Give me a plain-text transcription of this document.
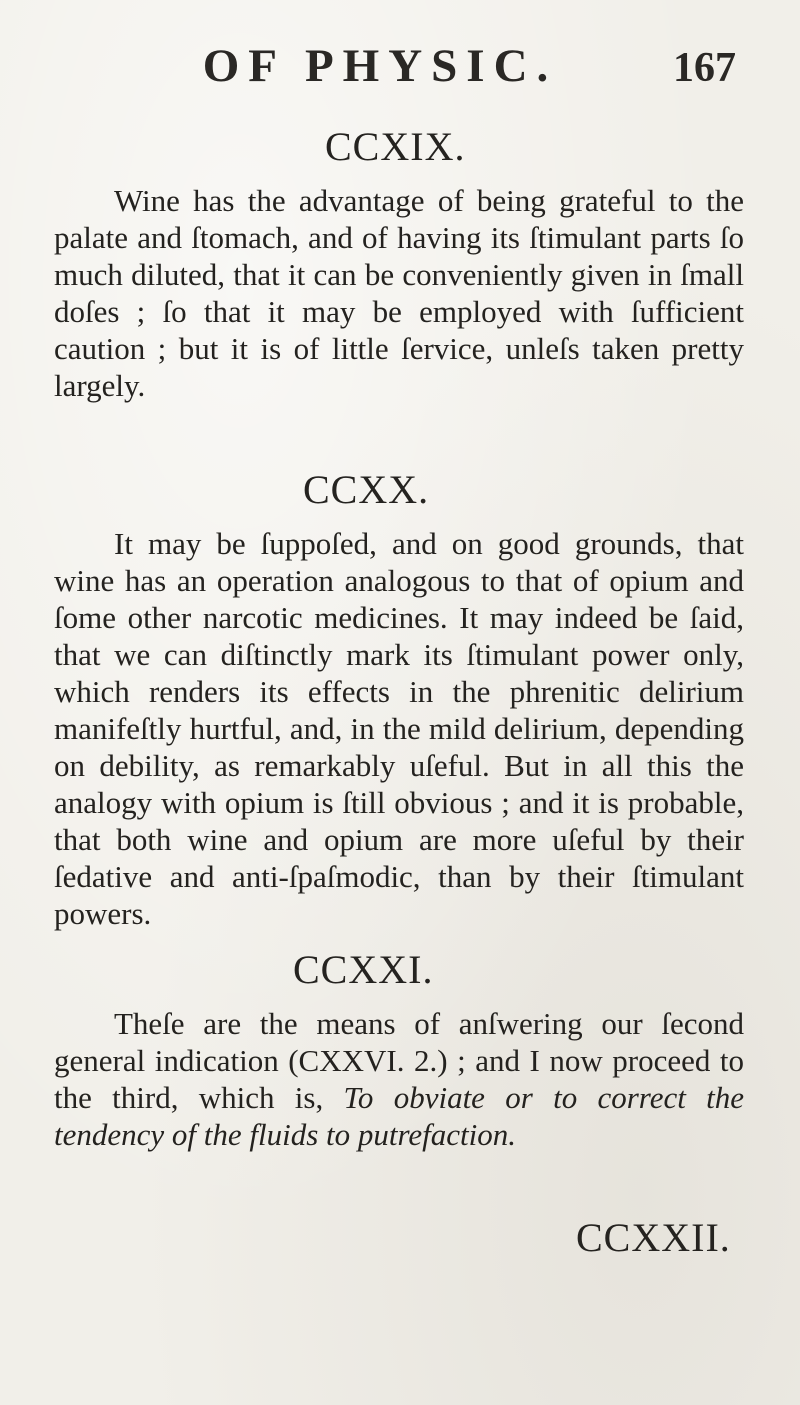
OF PHYSIC.	167
CCXIX.
Wine has the advantage of being grateful to the palate and ſtomach, and of having its ſtimulant parts ſo much diluted, that it can be conveniently given in ſmall doſes ; ſo that it may be employed with ſufficient caution ; but it is of little ſervice, unleſs taken pretty largely.
CCXX.
It may be ſuppoſed, and on good grounds, that wine has an operation analogous to that of opium and ſome other narcotic medicines. It may indeed be ſaid, that we can diſtinctly mark its ſtimulant power only, which renders its effects in the phrenitic delirium manifeſtly hurtful, and, in the mild delirium, depending on debility, as remarkably uſeful. But in all this the analogy with opium is ſtill obvious ; and it is probable, that both wine and opium are more uſeful by their ſedative and anti-ſpaſmodic, than by their ſtimulant powers.
CCXXI.
Theſe are the means of anſwering our ſecond general indication (CXXVI. 2.) ; and I now proceed to the third, which is, To obviate or to correct the tendency of the fluids to putrefaction.
CCXXII.
